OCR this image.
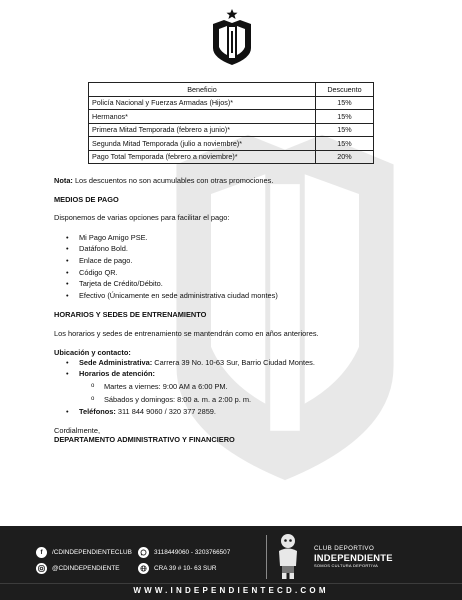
Beneficio	Descuento
Policía Nacional y Fuerzas Armadas (Hijos)*	15%
Hermanos*	15%
Primera Mitad Temporada (febrero a junio)*	15%
Segunda Mitad Temporada (julio a noviembre)*	15%
Pago Total Temporada (febrero a noviembre)*	20%

Nota: Los descuentos no son acumulables con otras promociones.

MEDIOS DE PAGO

Disponemos de varias opciones para facilitar el pago:

• Mi Pago Amigo PSE.
• Datáfono Bold.
• Enlace de pago.
• Código QR.
• Tarjeta de Crédito/Débito.
• Efectivo (Únicamente en sede administrativa ciudad montes)

HORARIOS Y SEDES DE ENTRENAMIENTO

Los horarios y sedes de entrenamiento se mantendrán como en años anteriores.

Ubicación y contacto:

• Sede Administrativa: Carrera 39 No. 10-63 Sur, Barrio Ciudad Montes.
• Horarios de atención:
o Martes a viernes: 9:00 AM a 6:00 PM.
o Sábados y domingos: 8:00 a. m. a 2:00 p. m.
• Teléfonos: 311 844 9060 / 320 377 2859.

Cordialmente,

DEPARTAMENTO ADMINISTRATIVO Y FINANCIERO

f	/CDINDEPENDIENTECLUB
@CDINDEPENDIENTE
3118449060 - 3203766507
CRA 39 # 10- 63 SUR
CLUB DEPORTIVO
INDEPENDIENTE
SOMOS CULTURA DEPORTIVA
WWW.INDEPENDIENTECD.COM
